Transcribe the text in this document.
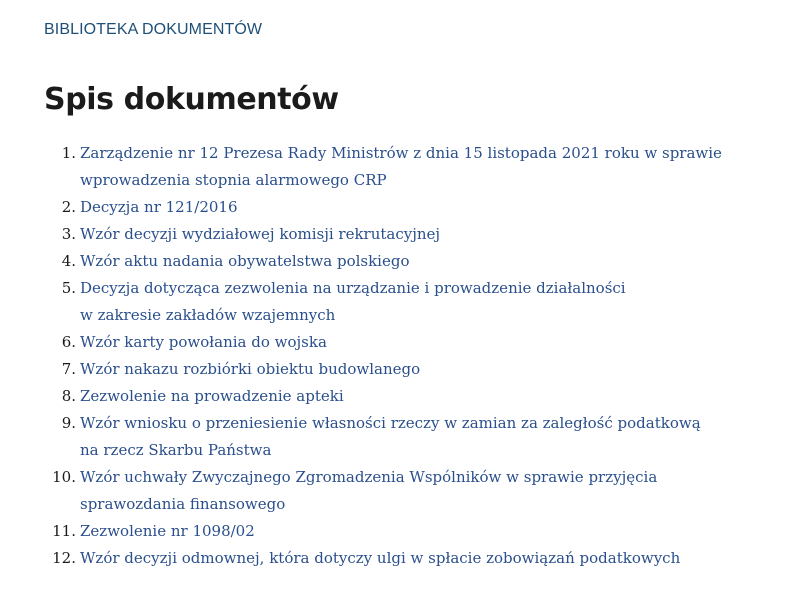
BIBLIOTEKA DOKUMENTÓW
Spis dokumentów
1. Zarządzenie nr 12 Prezesa Rady Ministrów z dnia 15 listopada 2021 roku w sprawie
wprowadzenia stopnia alarmowego CRP
2. Decyzja nr 121/2016
3. Wzór decyzji wydziałowej komisji rekrutacyjnej
4. Wzór aktu nadania obywatelstwa polskiego
5. Decyzja dotycząca zezwolenia na urządzanie i prowadzenie działalności
w zakresie zakładów wzajemnych
6. Wzór karty powołania do wojska
7. Wzór nakazu rozbiórki obiektu budowlanego
8. Zezwolenie na prowadzenie apteki
9. Wzór wniosku o przeniesienie własności rzeczy w zamian za zaległość podatkową
na rzecz Skarbu Państwa
10. Wzór uchwały Zwyczajnego Zgromadzenia Wspólników w sprawie przyjęcia
sprawozdania finansowego
11. Zezwolenie nr 1098/02
12. Wzór decyzji odmownej, która dotyczy ulgi w spłacie zobowiązań podatkowych
